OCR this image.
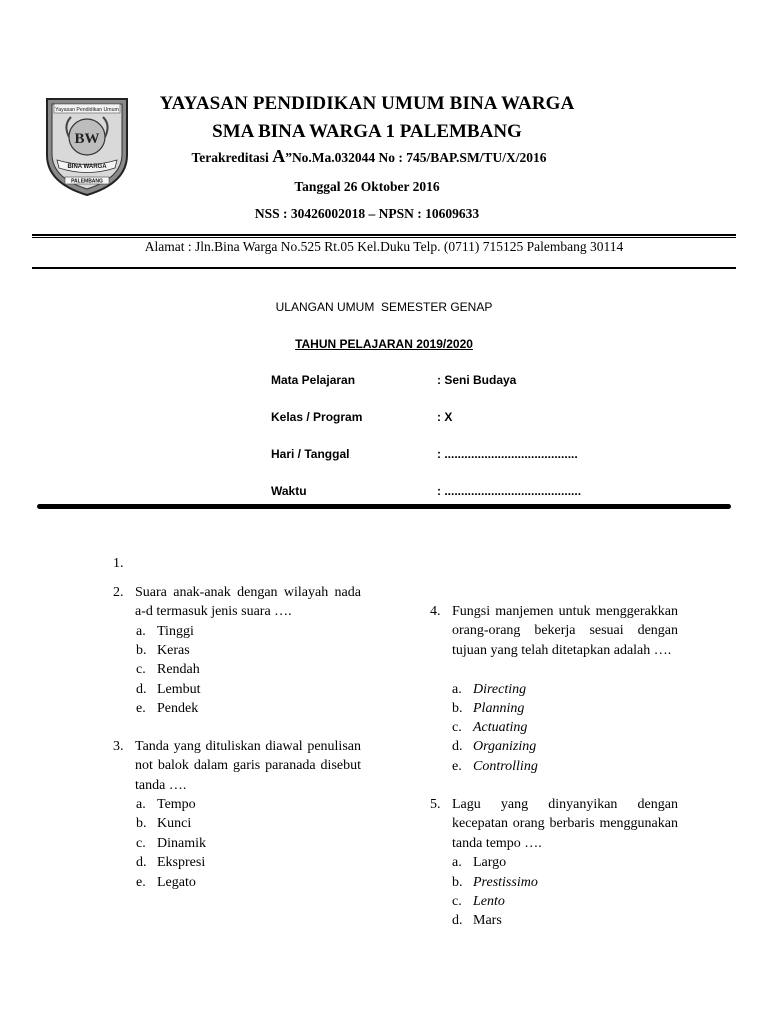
Yayasan Pendidikan Umum
BW
BINA WARGA
PALEMBANG
YAYASAN PENDIDIKAN UMUM BINA WARGA
SMA BINA WARGA 1 PALEMBANG
Terakreditasi A”No.Ma.032044 No : 745/BAP.SM/TU/X/2016
Tanggal 26 Oktober 2016
NSS : 30426002018 – NPSN : 10609633
Alamat : Jln.Bina Warga No.525 Rt.05 Kel.Duku Telp. (0711) 715125 Palembang 30114
ULANGAN UMUM  SEMESTER GENAP
TAHUN PELAJARAN 2019/2020
Mata Pelajaran	: Seni Budaya
Kelas / Program	: X
Hari / Tanggal	: ........................................
Waktu	: .........................................
1.
2. Suara anak-anak dengan wilayah nada a-d termasuk jenis suara ….
a. Tinggi
b. Keras
c. Rendah
d. Lembut
e. Pendek
3. Tanda yang dituliskan diawal penulisan not balok dalam garis paranada disebut tanda ….
a. Tempo
b. Kunci
c. Dinamik
d. Ekspresi
e. Legato
4. Fungsi manjemen untuk menggerakkan orang-orang bekerja sesuai dengan tujuan yang telah ditetapkan adalah ….
a. Directing
b. Planning
c. Actuating
d. Organizing
e. Controlling
5. Lagu yang dinyanyikan dengan kecepatan orang berbaris menggunakan tanda tempo ….
a. Largo
b. Prestissimo
c. Lento
d. Mars
